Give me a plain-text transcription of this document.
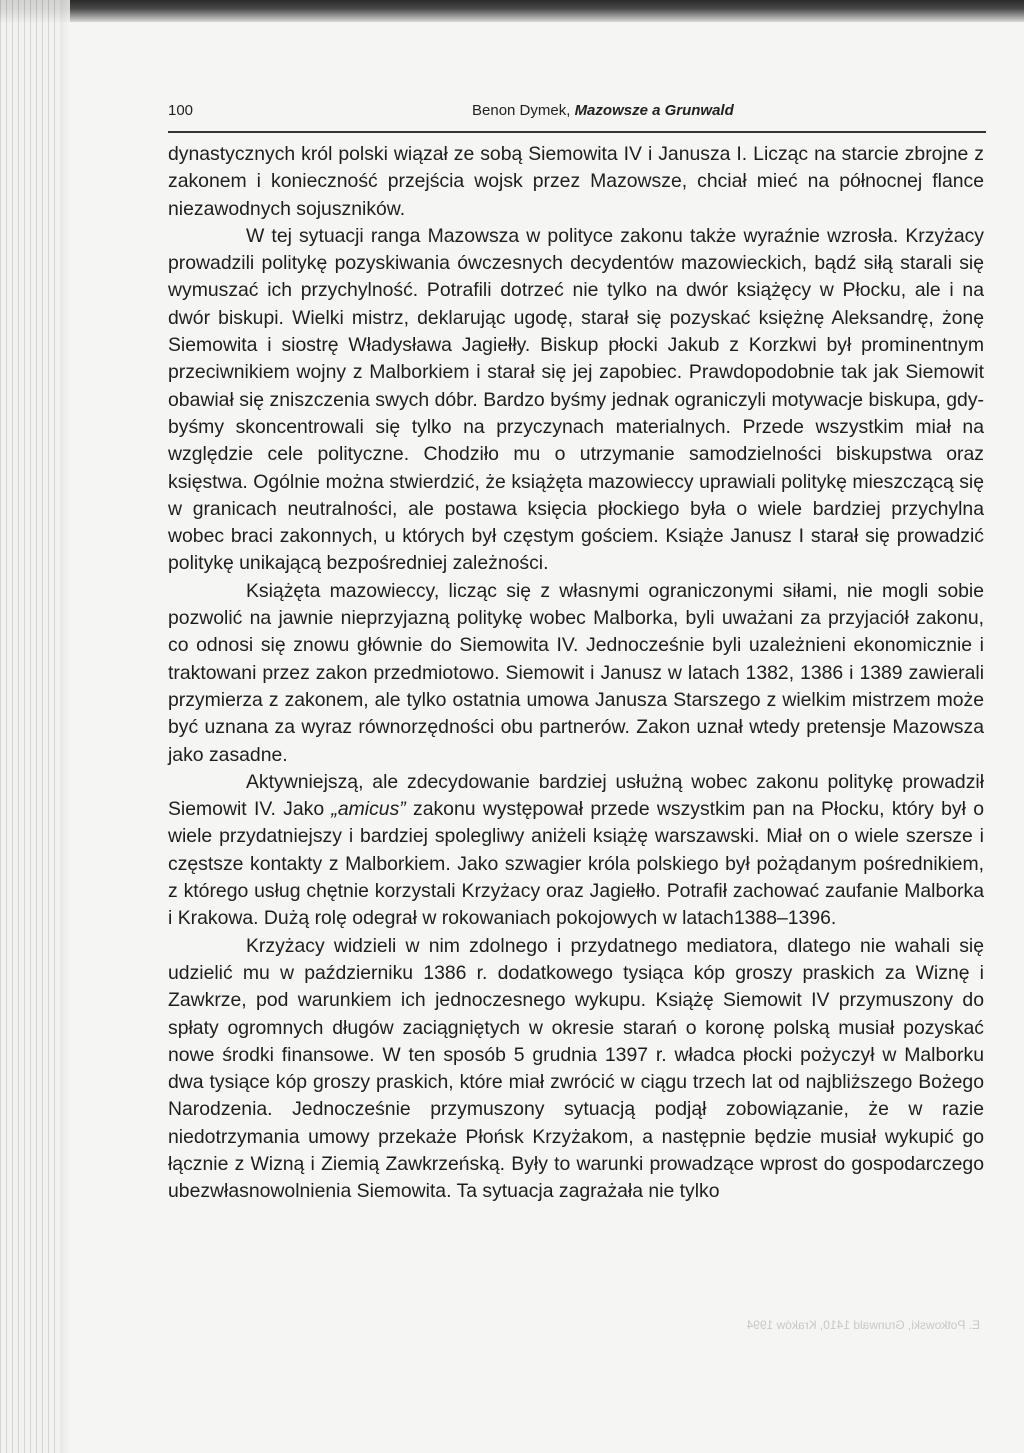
100	Benon Dymek, Mazowsze a Grunwald

dynastycznych król polski wiązał ze sobą Siemowita IV i Janusza I. Licząc na starcie zbrojne z zakonem i konieczność przejścia wojsk przez Mazowsze, chciał mieć na północnej flance niezawodnych sojuszników.

W tej sytuacji ranga Mazowsza w polityce zakonu także wyraźnie wzrosła. Krzyżacy prowadzili politykę pozyskiwania ówczesnych decydentów mazowieckich, bądź siłą starali się wymuszać ich przychylność. Potrafili dotrzeć nie tylko na dwór książęcy w Płocku, ale i na dwór biskupi. Wielki mistrz, deklarując ugodę, starał się pozyskać księżnę Aleksandrę, żonę Siemowita i siostrę Władysława Jagiełły. Biskup płocki Jakub z Korzkwi był prominentnym przeciwnikiem wojny z Malborkiem i starał się jej zapobiec. Prawdopodobnie tak jak Siemowit obawiał się zniszczenia swych dóbr. Bardzo byśmy jednak ograniczyli motywacje biskupa, gdybyśmy skoncentrowali się tylko na przyczynach materialnych. Przede wszystkim miał na względzie cele polityczne. Chodziło mu o utrzymanie samodzielności biskupstwa oraz księstwa. Ogólnie można stwierdzić, że książęta mazowieccy uprawiali politykę mieszczącą się w granicach neutralności, ale postawa księcia płockiego była o wiele bardziej przychylna wobec braci zakonnych, u których był częstym gościem. Książe Janusz I starał się prowadzić politykę unikającą bezpośredniej zależności.

Książęta mazowieccy, licząc się z własnymi ograniczonymi siłami, nie mogli sobie pozwolić na jawnie nieprzyjazną politykę wobec Malborka, byli uważani za przyjaciół zakonu, co odnosi się znowu głównie do Siemowita IV. Jednocześnie byli uzależnieni ekonomicznie i traktowani przez zakon przedmiotowo. Siemowit i Janusz w latach 1382, 1386 i 1389 zawierali przymierza z zakonem, ale tylko ostatnia umowa Janusza Starszego z wielkim mistrzem może być uznana za wyraz równorzędności obu partnerów. Zakon uznał wtedy pretensje Mazowsza jako zasadne.

Aktywniejszą, ale zdecydowanie bardziej usłużną wobec zakonu politykę prowadził Siemowit IV. Jako „amicus” zakonu występował przede wszystkim pan na Płocku, który był o wiele przydatniejszy i bardziej spolegliwy aniżeli książę warszawski. Miał on o wiele szersze i częstsze kontakty z Malborkiem. Jako szwagier króla polskiego był pożądanym pośrednikiem, z którego usług chętnie korzystali Krzyżacy oraz Jagiełło. Potrafił zachować zaufanie Malborka i Krakowa. Dużą rolę odegrał w rokowaniach pokojowych w latach1388–1396.

Krzyżacy widzieli w nim zdolnego i przydatnego mediatora, dlatego nie wahali się udzielić mu w październiku 1386 r. dodatkowego tysiąca kóp groszy praskich za Wiznę i Zawkrze, pod warunkiem ich jednoczesnego wykupu. Książę Siemowit IV przymuszony do spłaty ogromnych długów zaciągniętych w okresie starań o koronę polską musiał pozyskać nowe środki finansowe. W ten sposób 5 grudnia 1397 r. władca płocki pożyczył w Malborku dwa tysiące kóp groszy praskich, które miał zwrócić w ciągu trzech lat od najbliższego Bożego Narodzenia. Jednocześnie przymuszony sytuacją podjął zobowiązanie, że w razie niedotrzymania umowy przekaże Płońsk Krzyżakom, a następnie będzie musiał wykupić go łącznie z Wizną i Ziemią Zawkrzeńską. Były to warunki prowadzące wprost do gospodarczego ubezwłasnowolnienia Siemowita. Ta sytuacja zagrażała nie tylko

E. Potkowski, Grunwald 1410, Kraków 1994
